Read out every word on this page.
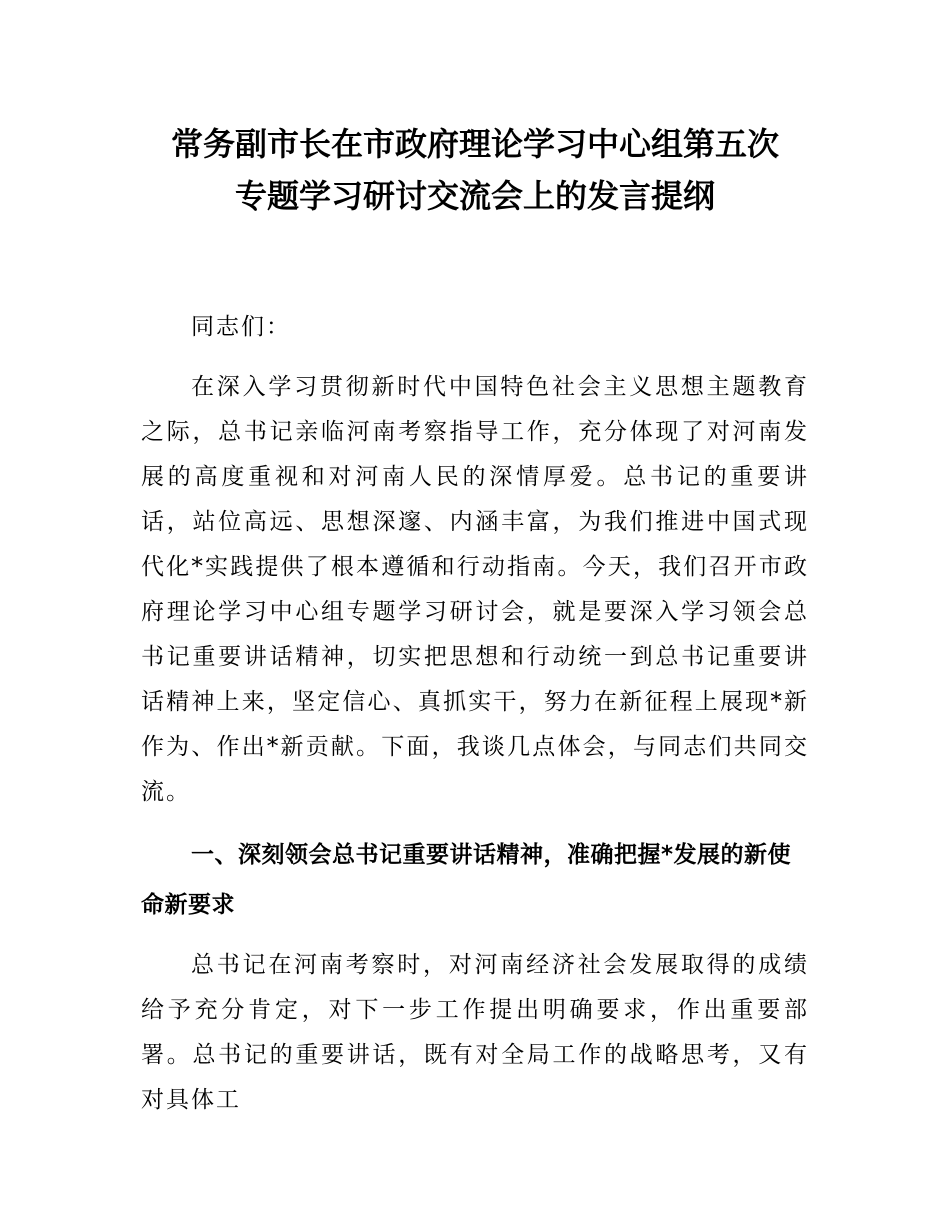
常务副市长在市政府理论学习中心组第五次
专题学习研讨交流会上的发言提纲

同志们：

在深入学习贯彻新时代中国特色社会主义思想主题教育之际，总书记亲临河南考察指导工作，充分体现了对河南发展的高度重视和对河南人民的深情厚爱。总书记的重要讲话，站位高远、思想深邃、内涵丰富，为我们推进中国式现代化*实践提供了根本遵循和行动指南。今天，我们召开市政府理论学习中心组专题学习研讨会，就是要深入学习领会总书记重要讲话精神，切实把思想和行动统一到总书记重要讲话精神上来，坚定信心、真抓实干，努力在新征程上展现*新作为、作出*新贡献。下面，我谈几点体会，与同志们共同交流。

一、深刻领会总书记重要讲话精神，准确把握*发展的新使命新要求

总书记在河南考察时，对河南经济社会发展取得的成绩给予充分肯定，对下一步工作提出明确要求，作出重要部署。总书记的重要讲话，既有对全局工作的战略思考，又有对具体工
